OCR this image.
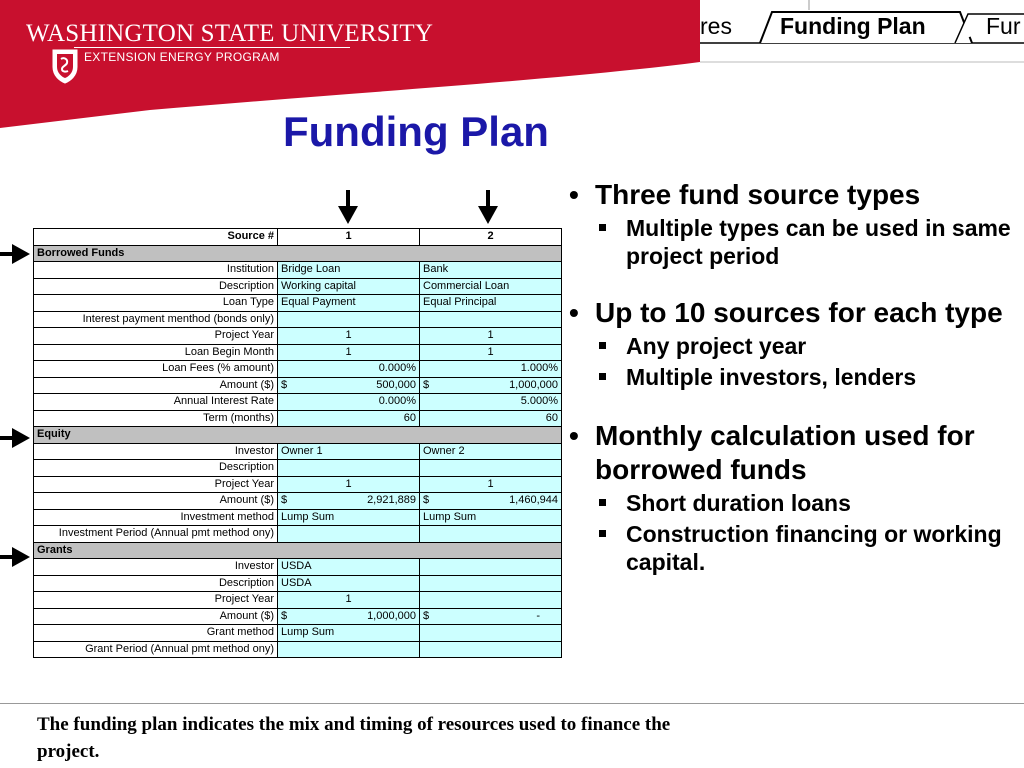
WASHINGTON STATE UNIVERSITY
EXTENSION ENERGY PROGRAM
res Funding Plan	Fur
Funding Plan
Source #	1	2
Borrowed Funds		
Institution	Bridge Loan	Bank
Description	Working capital	Commercial Loan
Loan Type	Equal Payment	Equal Principal
Interest payment menthod (bonds only)		
Project Year	1	1
Loan Begin Month	1	1
Loan Fees (% amount)	0.000%	1.000%
Amount ($)	$ 500,000	$ 1,000,000
Annual Interest Rate	0.000%	5.000%
Term (months)	60	60
Equity		
Investor	Owner 1	Owner 2
Description		
Project Year	1	1
Amount ($)	$ 2,921,889	$ 1,460,944
Investment method	Lump Sum	Lump Sum
Investment Period (Annual pmt method ony)		
Grants		
Investor	USDA	
Description	USDA	
Project Year	1	
Amount ($)	$ 1,000,000	$ -
Grant method	Lump Sum	
Grant Period (Annual pmt method ony)		
• Three fund source types
Multiple types can be used in same project period
• Up to 10 sources for each type
Any project year
Multiple investors, lenders
• Monthly calculation used for borrowed funds
Short duration loans
Construction financing or working capital.
The funding plan indicates the mix and timing of resources used to finance the project.
